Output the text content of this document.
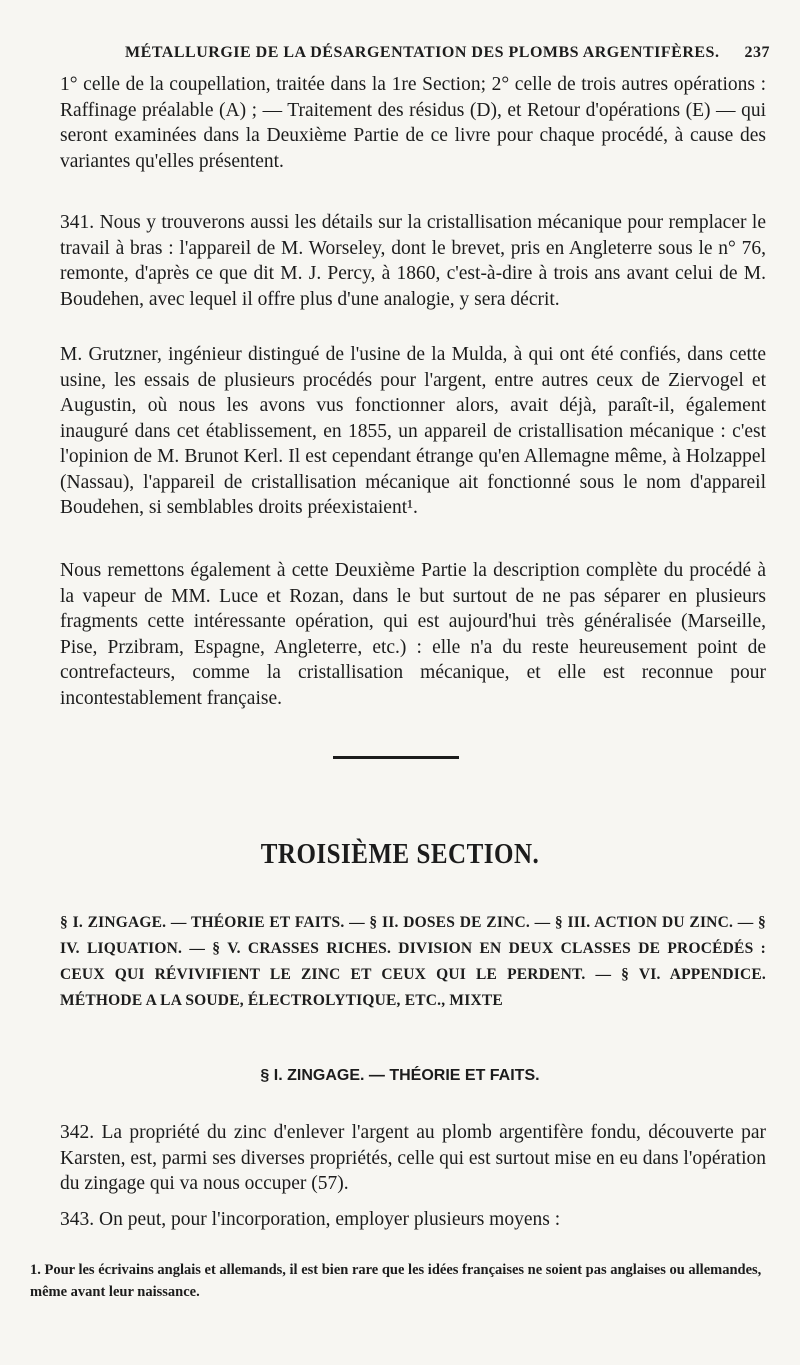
MÉTALLURGIE DE LA DÉSARGENTATION DES PLOMBS ARGENTIFÈRES.	237

1° celle de la coupellation, traitée dans la 1re Section; 2° celle de trois autres opérations : Raffinage préalable (A) ; — Traitement des résidus (D), et Retour d'opérations (E) — qui seront examinées dans la Deuxième Partie de ce livre pour chaque procédé, à cause des variantes qu'elles présentent.

341. Nous y trouverons aussi les détails sur la cristallisation mécanique pour remplacer le travail à bras : l'appareil de M. Worseley, dont le brevet, pris en Angleterre sous le n° 76, remonte, d'après ce que dit M. J. Percy, à 1860, c'est-à-dire à trois ans avant celui de M. Boudehen, avec lequel il offre plus d'une analogie, y sera décrit.

M. Grutzner, ingénieur distingué de l'usine de la Mulda, à qui ont été confiés, dans cette usine, les essais de plusieurs procédés pour l'argent, entre autres ceux de Ziervogel et Augustin, où nous les avons vus fonctionner alors, avait déjà, paraît-il, également inauguré dans cet établissement, en 1855, un appareil de cristallisation mécanique : c'est l'opinion de M. Brunot Kerl. Il est cependant étrange qu'en Allemagne même, à Holzappel (Nassau), l'appareil de cristallisation mécanique ait fonctionné sous le nom d'appareil Boudehen, si semblables droits préexistaient¹.

Nous remettons également à cette Deuxième Partie la description complète du procédé à la vapeur de MM. Luce et Rozan, dans le but surtout de ne pas séparer en plusieurs fragments cette intéressante opération, qui est aujourd'hui très généralisée (Marseille, Pise, Przibram, Espagne, Angleterre, etc.) : elle n'a du reste heureusement point de contrefacteurs, comme la cristallisation mécanique, et elle est reconnue pour incontestablement française.

TROISIÈME SECTION.

§ I. ZINGAGE. — THÉORIE ET FAITS. — § II. DOSES DE ZINC. — § III. ACTION DU ZINC. — § IV. LIQUATION. — § V. CRASSES RICHES. DIVISION EN DEUX CLASSES DE PROCÉDÉS : CEUX QUI RÉVIVIFIENT LE ZINC ET CEUX QUI LE PERDENT. — § VI. APPENDICE. MÉTHODE A LA SOUDE, ÉLECTROLYTIQUE, ETC., MIXTE

§ I. ZINGAGE. — THÉORIE ET FAITS.

342. La propriété du zinc d'enlever l'argent au plomb argentifère fondu, découverte par Karsten, est, parmi ses diverses propriétés, celle qui est surtout mise en eu dans l'opération du zingage qui va nous occuper (57).

343. On peut, pour l'incorporation, employer plusieurs moyens :

1. Pour les écrivains anglais et allemands, il est bien rare que les idées françaises ne soient pas anglaises ou allemandes, même avant leur naissance.
